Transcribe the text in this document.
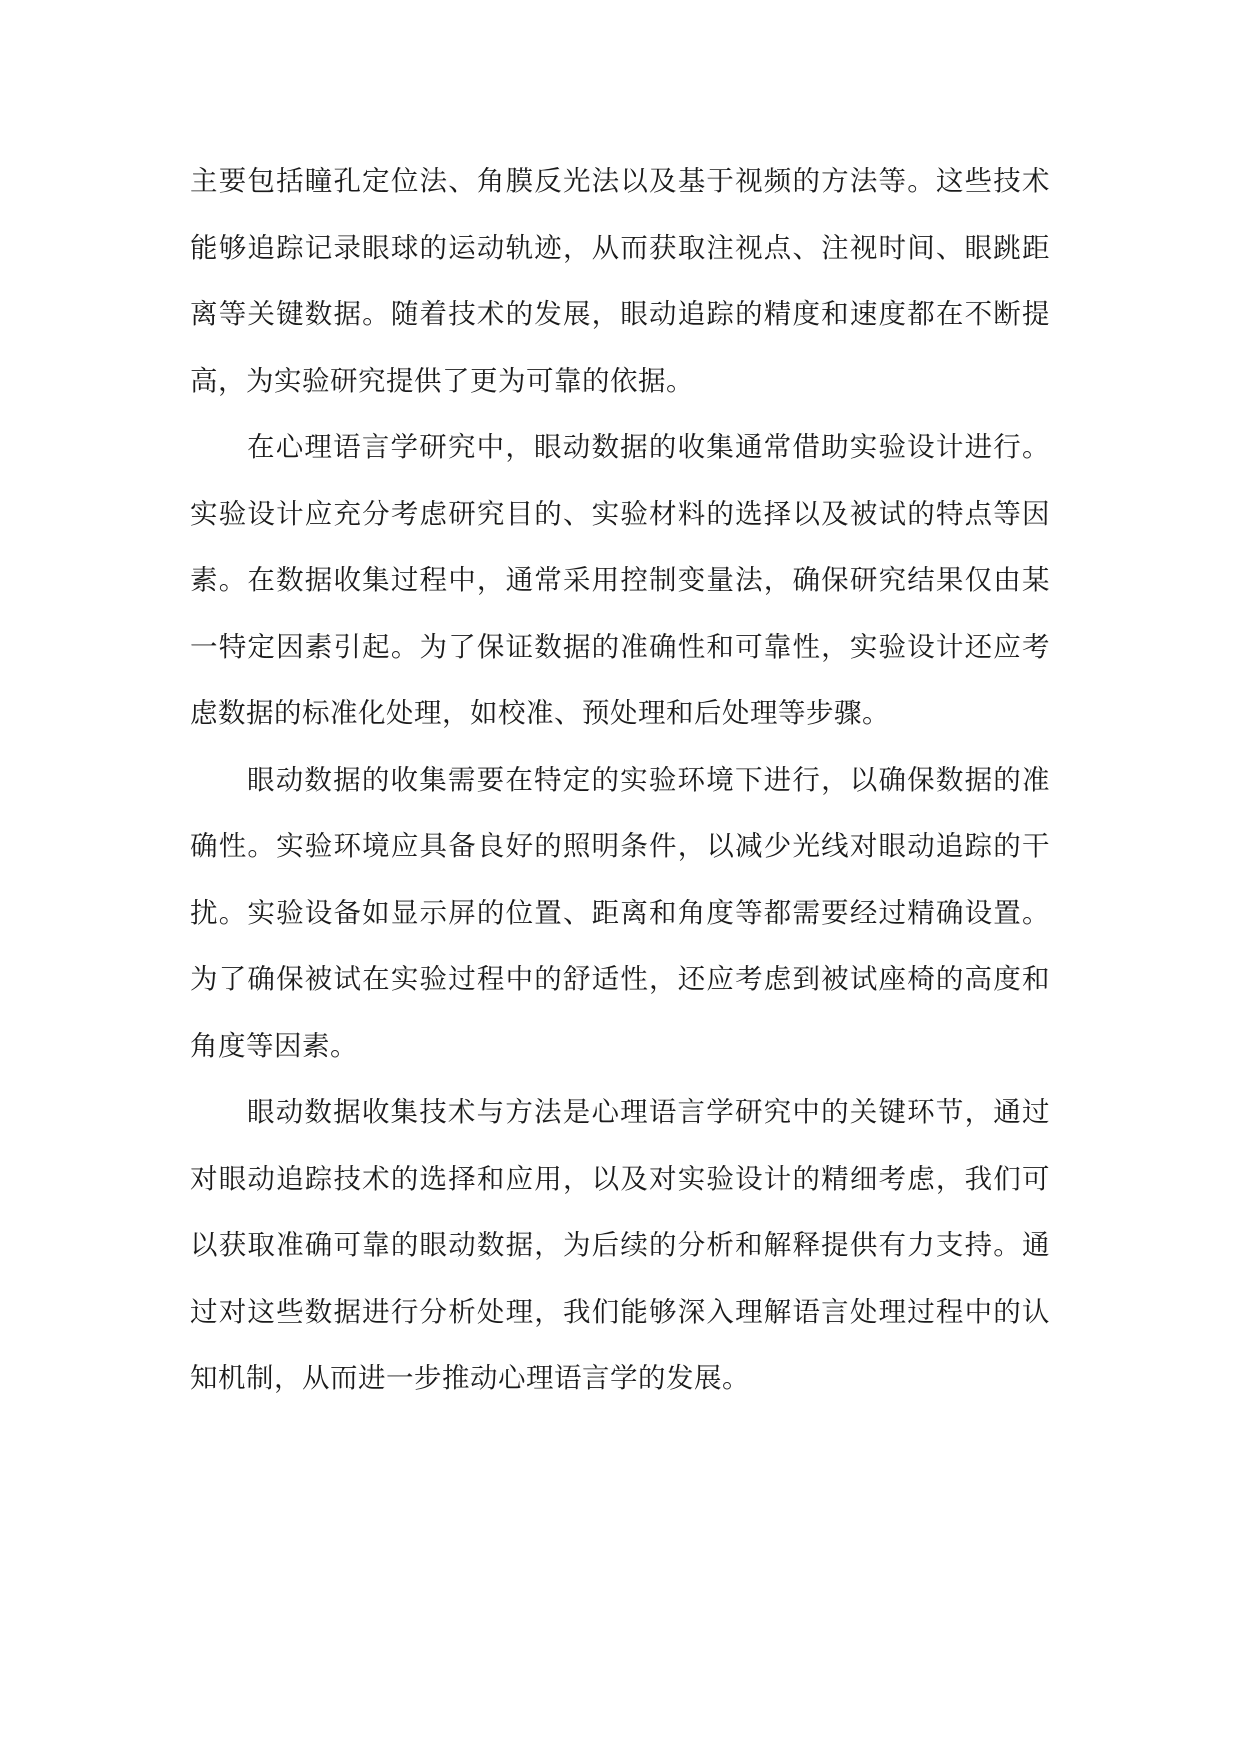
主要包括瞳孔定位法、角膜反光法以及基于视频的方法等。这些技术能够追踪记录眼球的运动轨迹，从而获取注视点、注视时间、眼跳距离等关键数据。随着技术的发展，眼动追踪的精度和速度都在不断提高，为实验研究提供了更为可靠的依据。

在心理语言学研究中，眼动数据的收集通常借助实验设计进行。实验设计应充分考虑研究目的、实验材料的选择以及被试的特点等因素。在数据收集过程中，通常采用控制变量法，确保研究结果仅由某一特定因素引起。为了保证数据的准确性和可靠性，实验设计还应考虑数据的标准化处理，如校准、预处理和后处理等步骤。

眼动数据的收集需要在特定的实验环境下进行，以确保数据的准确性。实验环境应具备良好的照明条件，以减少光线对眼动追踪的干扰。实验设备如显示屏的位置、距离和角度等都需要经过精确设置。为了确保被试在实验过程中的舒适性，还应考虑到被试座椅的高度和角度等因素。

眼动数据收集技术与方法是心理语言学研究中的关键环节，通过对眼动追踪技术的选择和应用，以及对实验设计的精细考虑，我们可以获取准确可靠的眼动数据，为后续的分析和解释提供有力支持。通过对这些数据进行分析处理，我们能够深入理解语言处理过程中的认知机制，从而进一步推动心理语言学的发展。
